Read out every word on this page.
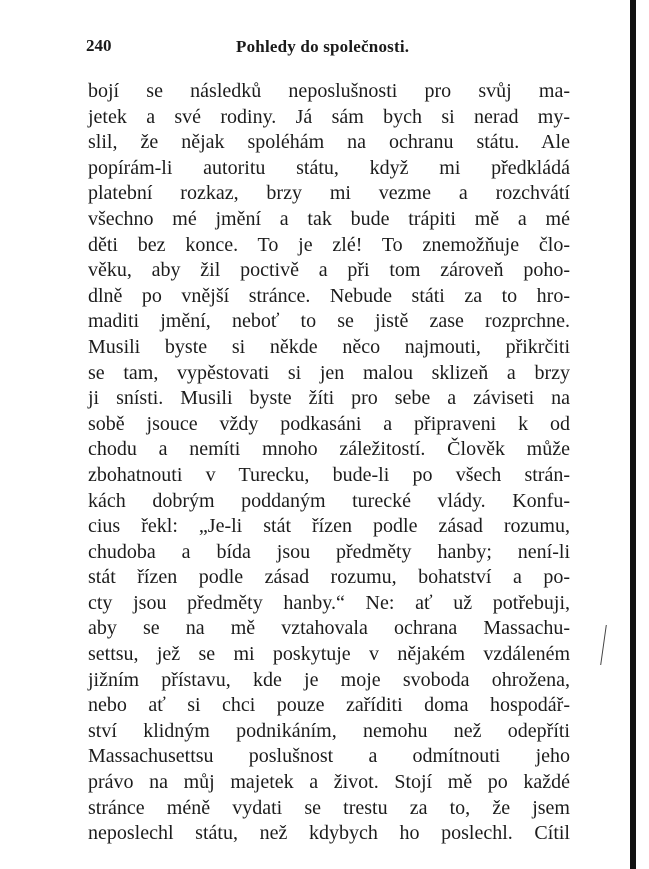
240	Pohledy do společnosti.
bojí se následků neposlušnosti pro svůj ma-
jetek a své rodiny. Já sám bych si nerad my-
slil, že nějak spoléhám na ochranu státu. Ale
popírám-li autoritu státu, když mi předkládá
platební rozkaz, brzy mi vezme a rozchvátí
všechno mé jmění a tak bude trápiti mě a mé
děti bez konce. To je zlé! To znemožňuje člo-
věku, aby žil poctivě a při tom zároveň poho-
dlně po vnější stránce. Nebude státi za to hro-
maditi jmění, neboť to se jistě zase rozprchne.
Musili byste si někde něco najmouti, přikrčiti
se tam, vypěstovati si jen malou sklizeň a brzy
ji snísti. Musili byste žíti pro sebe a záviseti na
sobě jsouce vždy podkasáni a připraveni k od
chodu a nemíti mnoho záležitostí. Člověk může
zbohatnouti v Turecku, bude-li po všech strán-
kách dobrým poddaným turecké vlády. Konfu-
cius řekl: „Je-li stát řízen podle zásad rozumu,
chudoba a bída jsou předměty hanby; není-li
stát řízen podle zásad rozumu, bohatství a po-
cty jsou předměty hanby.“ Ne: ať už potřebuji,
aby se na mě vztahovala ochrana Massachu-
settsu, jež se mi poskytuje v nějakém vzdáleném
jižním přístavu, kde je moje svoboda ohrožena,
nebo ať si chci pouze zaříditi doma hospodář-
ství klidným podnikáním, nemohu než odepříti
Massachusettsu poslušnost a odmítnouti jeho
právo na můj majetek a život. Stojí mě po každé
stránce méně vydati se trestu za to, že jsem
neposlechl státu, než kdybych ho poslechl. Cítil
